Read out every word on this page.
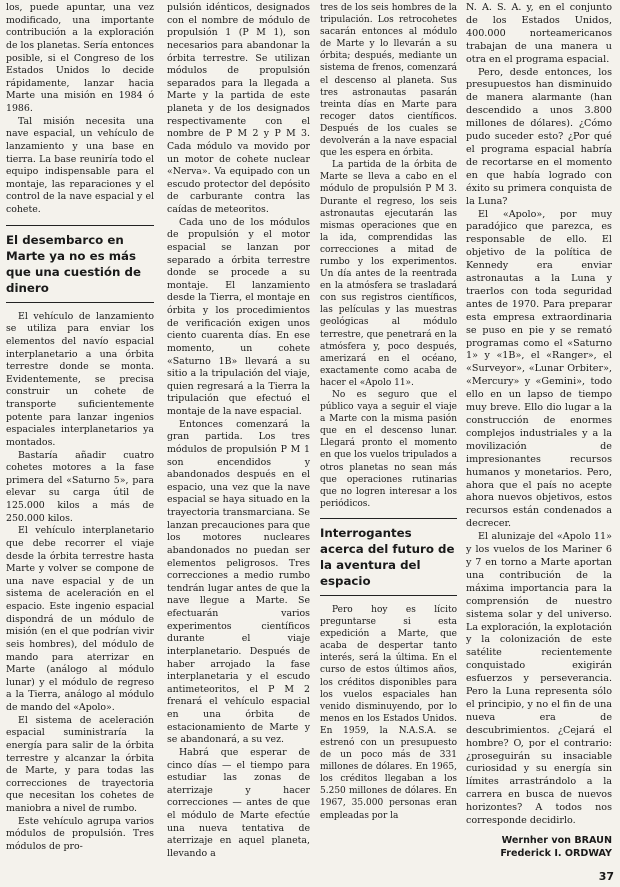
los, puede apuntar, una vez modificado, una importante contribución a la exploración de los planetas. Sería entonces posible, si el Congreso de los Estados Unidos lo decide rápidamente, lanzar hacia Marte una misión en 1984 ó 1986.

Tal misión necesita una nave espacial, un vehículo de lanzamiento y una base en tierra. La base reuniría todo el equipo indispensable para el montaje, las reparaciones y el control de la nave espacial y el cohete.

El desembarco en Marte ya no es más que una cuestión de dinero

El vehículo de lanzamiento se utiliza para enviar los elementos del navío espacial interplanetario a una órbita terrestre donde se monta. Evidentemente, se precisa construir un cohete de transporte suficientemente potente para lanzar ingenios espaciales interplanetarios ya montados.

Bastaría añadir cuatro cohetes motores a la fase primera del «Saturno 5», para elevar su carga útil de 125.000 kilos a más de 250.000 kilos.

El vehículo interplanetario que debe recorrer el viaje desde la órbita terrestre hasta Marte y volver se compone de una nave espacial y de un sistema de aceleración en el espacio. Este ingenio espacial dispondrá de un módulo de misión (en el que podrían vivir seis hombres), del módulo de mando para aterrizar en Marte (análogo al módulo lunar) y el módulo de regreso a la Tierra, análogo al módulo de mando del «Apolo».

El sistema de aceleración espacial suministraría la energía para salir de la órbita terrestre y alcanzar la órbita de Marte, y para todas las correcciones de trayectoria que necesitan los cohetes de maniobra a nivel de rumbo.

Este vehículo agrupa varios módulos de propulsión. Tres módulos de pro-

pulsión idénticos, designados con el nombre de módulo de propulsión 1 (P M 1), son necesarios para abandonar la órbita terrestre. Se utilizan módulos de propulsión separados para la llegada a Marte y la partida de este planeta y de los designados respectivamente con el nombre de P M 2 y P M 3. Cada módulo va movido por un motor de cohete nuclear «Nerva». Va equipado con un escudo protector del depósito de carburante contra las caídas de meteoritos.

Cada uno de los módulos de propulsión y el motor espacial se lanzan por separado a órbita terrestre donde se procede a su montaje. El lanzamiento desde la Tierra, el montaje en órbita y los procedimientos de verificación exigen unos ciento cuarenta días. En ese momento, un cohete «Saturno 1B» llevará a su sitio a la tripulación del viaje, quien regresará a la Tierra la tripulación que efectuó el montaje de la nave espacial.

Entonces comenzará la gran partida. Los tres módulos de propulsión P M 1 son encendidos y abandonados después en el espacio, una vez que la nave espacial se haya situado en la trayectoria transmarciana. Se lanzan precauciones para que los motores nucleares abandonados no puedan ser elementos peligrosos. Tres correcciones a medio rumbo tendrán lugar antes de que la nave llegue a Marte. Se efectuarán varios experimentos científicos durante el viaje interplanetario. Después de haber arrojado la fase interplanetaria y el escudo antimeteoritos, el P M 2 frenará el vehículo espacial en una órbita de estacionamiento de Marte y se abandonará, a su vez.

Habrá que esperar de cinco días — el tiempo para estudiar las zonas de aterrizaje y hacer correcciones — antes de que el módulo de Marte efectúe una nueva tentativa de aterrizaje en aquel planeta, llevando a

tres de los seis hombres de la tripulación. Los retrocohetes sacarán entonces al módulo de Marte y lo llevarán a su órbita; después, mediante un sistema de frenos, comenzará el descenso al planeta. Sus tres astronautas pasarán treinta días en Marte para recoger datos científicos. Después de los cuales se devolverán a la nave espacial que les espera en órbita.

La partida de la órbita de Marte se lleva a cabo en el módulo de propulsión P M 3. Durante el regreso, los seis astronautas ejecutarán las mismas operaciones que en la ida, comprendidas las correcciones a mitad de rumbo y los experimentos. Un día antes de la reentrada en la atmósfera se trasladará con sus registros científicos, las películas y las muestras geológicas al módulo terrestre, que penetrará en la atmósfera y, poco después, amerizará en el océano, exactamente como acaba de hacer el «Apolo 11».

No es seguro que el público vaya a seguir el viaje a Marte con la misma pasión que en el descenso lunar. Llegará pronto el momento en que los vuelos tripulados a otros planetas no sean más que operaciones rutinarias que no logren interesar a los periódicos.

Interrogantes acerca del futuro de la aventura del espacio

Pero hoy es lícito preguntarse si esta expedición a Marte, que acaba de despertar tanto interés, será la última. En el curso de estos últimos años, los créditos disponibles para los vuelos espaciales han venido disminuyendo, por lo menos en los Estados Unidos. En 1959, la N.A.S.A. se estrenó con un presupuesto de un poco más de 331 millones de dólares. En 1965, los créditos llegaban a los 5.250 millones de dólares. En 1967, 35.000 personas eran empleadas por la

N. A. S. A. y, en el conjunto de los Estados Unidos, 400.000 norteamericanos trabajan de una manera u otra en el programa espacial.

Pero, desde entonces, los presupuestos han disminuido de manera alarmante (han descendido a unos 3.800 millones de dólares). ¿Cómo pudo suceder esto? ¿Por qué el programa espacial habría de recortarse en el momento en que había logrado con éxito su primera conquista de la Luna?

El «Apolo», por muy paradójico que parezca, es responsable de ello. El objetivo de la política de Kennedy era enviar astronautas a la Luna y traerlos con toda seguridad antes de 1970. Para preparar esta empresa extraordinaria se puso en pie y se remató programas como el «Saturno 1» y «1B», el «Ranger», el «Surveyor», «Lunar Orbiter», «Mercury» y «Gemini», todo ello en un lapso de tiempo muy breve. Ello dio lugar a la construcción de enormes complejos industriales y a la movilización de impresionantes recursos humanos y monetarios. Pero, ahora que el país no acepte ahora nuevos objetivos, estos recursos están condenados a decrecer.

El alunizaje del «Apolo 11» y los vuelos de los Mariner 6 y 7 en torno a Marte aportan una contribución de la máxima importancia para la comprensión de nuestro sistema solar y del universo. La exploración, la explotación y la colonización de este satélite recientemente conquistado exigirán esfuerzos y perseverancia. Pero la Luna representa sólo el principio, y no el fin de una nueva era de descubrimientos. ¿Cejará el hombre? O, por el contrario: ¿proseguirán su insaciable curiosidad y su energía sin límites arrastrándolo a la carrera en busca de nuevos horizontes? A todos nos corresponde decidirlo.

Wernher von BRAUN
Frederick I. ORDWAY
37
